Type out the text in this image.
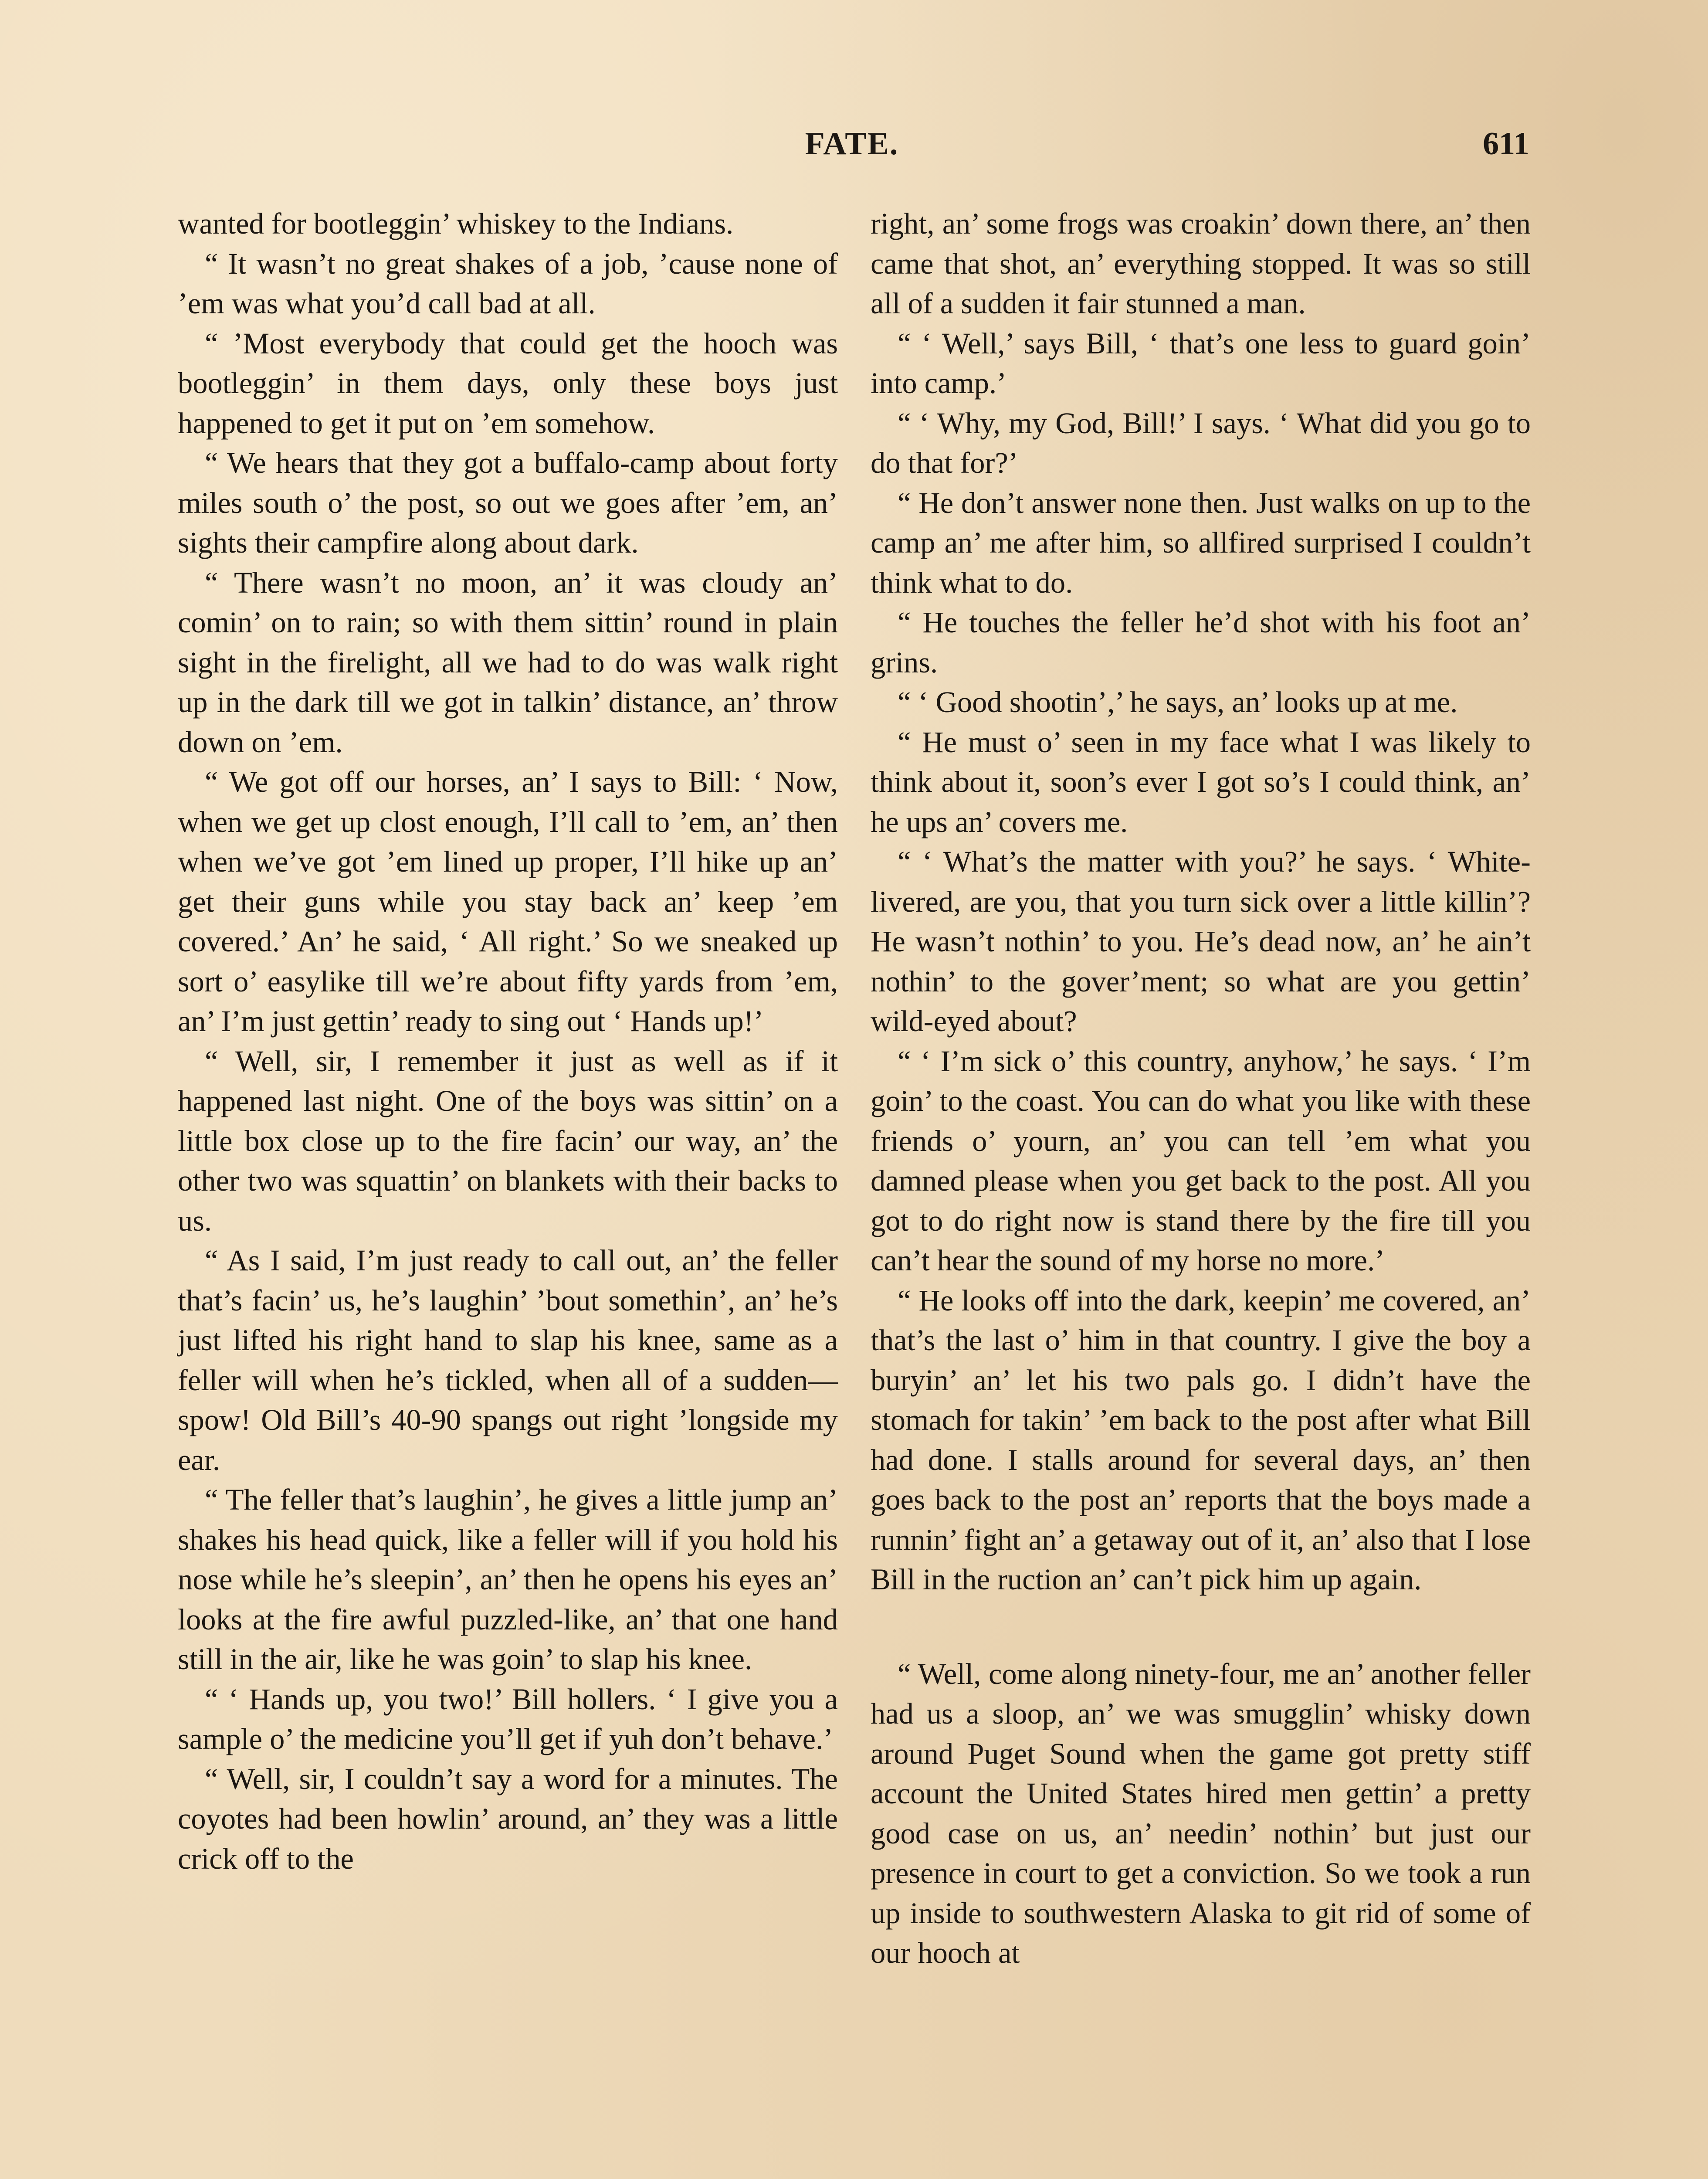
FATE.	611

wanted for bootleggin’ whiskey to the Indians.

“ It wasn’t no great shakes of a job, ’cause none of ’em was what you’d call bad at all.

“ ’Most everybody that could get the hooch was bootleggin’ in them days, only these boys just happened to get it put on ’em somehow.

“ We hears that they got a buffalo-camp about forty miles south o’ the post, so out we goes after ’em, an’ sights their campfire along about dark.

“ There wasn’t no moon, an’ it was cloudy an’ comin’ on to rain; so with them sittin’ round in plain sight in the firelight, all we had to do was walk right up in the dark till we got in talkin’ distance, an’ throw down on ’em.

“ We got off our horses, an’ I says to Bill: ‘ Now, when we get up clost enough, I’ll call to ’em, an’ then when we’ve got ’em lined up proper, I’ll hike up an’ get their guns while you stay back an’ keep ’em covered.’ An’ he said, ‘ All right.’ So we sneaked up sort o’ easylike till we’re about fifty yards from ’em, an’ I’m just gettin’ ready to sing out ‘ Hands up!’

“ Well, sir, I remember it just as well as if it happened last night. One of the boys was sittin’ on a little box close up to the fire facin’ our way, an’ the other two was squattin’ on blankets with their backs to us.

“ As I said, I’m just ready to call out, an’ the feller that’s facin’ us, he’s laughin’ ’bout somethin’, an’ he’s just lifted his right hand to slap his knee, same as a feller will when he’s tickled, when all of a sudden— spow! Old Bill’s 40-90 spangs out right ’longside my ear.

“ The feller that’s laughin’, he gives a little jump an’ shakes his head quick, like a feller will if you hold his nose while he’s sleepin’, an’ then he opens his eyes an’ looks at the fire awful puzzled-like, an’ that one hand still in the air, like he was goin’ to slap his knee.

“ ‘ Hands up, you two!’ Bill hollers. ‘ I give you a sample o’ the medicine you’ll get if yuh don’t behave.’

“ Well, sir, I couldn’t say a word for a minutes. The coyotes had been howlin’ around, an’ they was a little crick off to the

right, an’ some frogs was croakin’ down there, an’ then came that shot, an’ everything stopped. It was so still all of a sudden it fair stunned a man.

“ ‘ Well,’ says Bill, ‘ that’s one less to guard goin’ into camp.’

“ ‘ Why, my God, Bill!’ I says. ‘ What did you go to do that for?’

“ He don’t answer none then. Just walks on up to the camp an’ me after him, so allfired surprised I couldn’t think what to do.

“ He touches the feller he’d shot with his foot an’ grins.

“ ‘ Good shootin’,’ he says, an’ looks up at me.

“ He must o’ seen in my face what I was likely to think about it, soon’s ever I got so’s I could think, an’ he ups an’ covers me.

“ ‘ What’s the matter with you?’ he says. ‘ White-livered, are you, that you turn sick over a little killin’? He wasn’t nothin’ to you. He’s dead now, an’ he ain’t nothin’ to the gover’ment; so what are you gettin’ wild-eyed about?

“ ‘ I’m sick o’ this country, anyhow,’ he says. ‘ I’m goin’ to the coast. You can do what you like with these friends o’ yourn, an’ you can tell ’em what you damned please when you get back to the post. All you got to do right now is stand there by the fire till you can’t hear the sound of my horse no more.’

“ He looks off into the dark, keepin’ me covered, an’ that’s the last o’ him in that country. I give the boy a buryin’ an’ let his two pals go. I didn’t have the stomach for takin’ ’em back to the post after what Bill had done. I stalls around for several days, an’ then goes back to the post an’ reports that the boys made a runnin’ fight an’ a getaway out of it, an’ also that I lose Bill in the ruction an’ can’t pick him up again.

“ Well, come along ninety-four, me an’ another feller had us a sloop, an’ we was smugglin’ whisky down around Puget Sound when the game got pretty stiff account the United States hired men gettin’ a pretty good case on us, an’ needin’ nothin’ but just our presence in court to get a conviction. So we took a run up inside to southwestern Alaska to git rid of some of our hooch at
